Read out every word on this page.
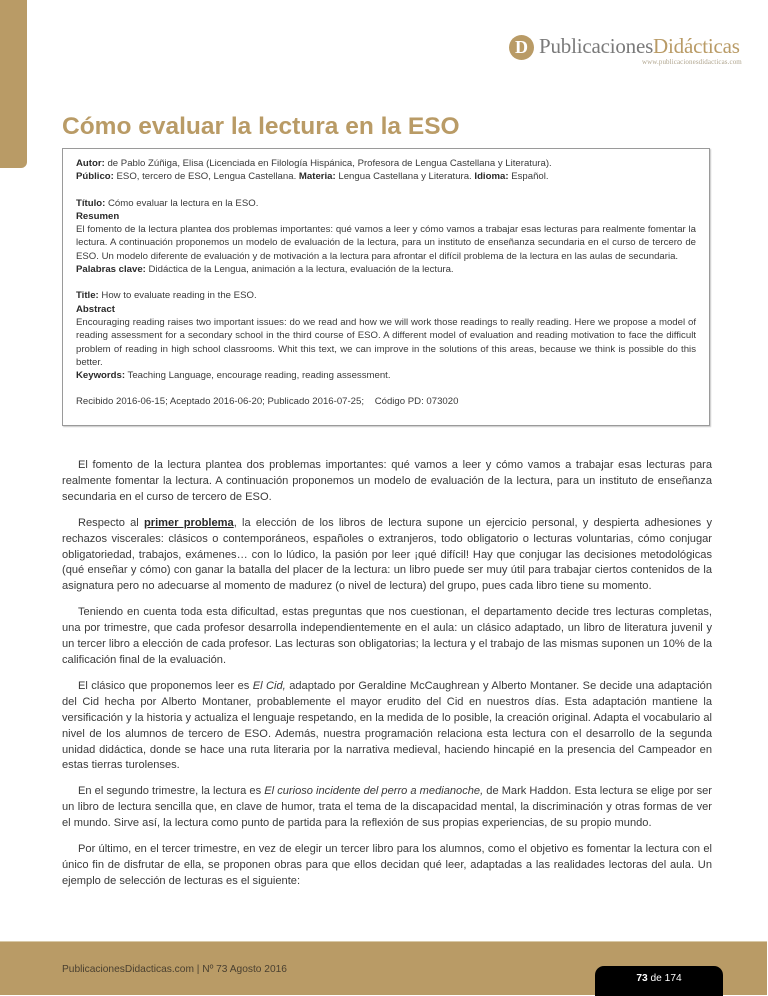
D PublicacionesDidácticas
www.publicacionesdidacticas.com
Cómo evaluar la lectura en la ESO

Autor: de Pablo Zúñiga, Elisa (Licenciada en Filología Hispánica, Profesora de Lengua Castellana y Literatura).

Público: ESO, tercero de ESO, Lengua Castellana. Materia: Lengua Castellana y Literatura. Idioma: Español.

Título: Cómo evaluar la lectura en la ESO.

Resumen

El fomento de la lectura plantea dos problemas importantes: qué vamos a leer y cómo vamos a trabajar esas lecturas para realmente fomentar la lectura. A continuación proponemos un modelo de evaluación de la lectura, para un instituto de enseñanza secundaria en el curso de tercero de ESO. Un modelo diferente de evaluación y de motivación a la lectura para afrontar el difícil problema de la lectura en las aulas de secundaria.

Palabras clave: Didáctica de la Lengua, animación a la lectura, evaluación de la lectura.

Title: How to evaluate reading in the ESO.

Abstract

Encouraging reading raises two important issues: do we read and how we will work those readings to really reading. Here we propose a model of reading assessment for a secondary school in the third course of ESO. A different model of evaluation and reading motivation to face the difficult problem of reading in high school classrooms. Whit this text, we can improve in the solutions of this areas, because we think is possible do this better.

Keywords: Teaching Language, encourage reading, reading assessment.

Recibido 2016-06-15; Aceptado 2016-06-20; Publicado 2016-07-25; Código PD: 073020

El fomento de la lectura plantea dos problemas importantes: qué vamos a leer y cómo vamos a trabajar esas lecturas para realmente fomentar la lectura. A continuación proponemos un modelo de evaluación de la lectura, para un instituto de enseñanza secundaria en el curso de tercero de ESO.

Respecto al primer problema, la elección de los libros de lectura supone un ejercicio personal, y despierta adhesiones y rechazos viscerales: clásicos o contemporáneos, españoles o extranjeros, todo obligatorio o lecturas voluntarias, cómo conjugar obligatoriedad, trabajos, exámenes… con lo lúdico, la pasión por leer ¡qué difícil! Hay que conjugar las decisiones metodológicas (qué enseñar y cómo) con ganar la batalla del placer de la lectura: un libro puede ser muy útil para trabajar ciertos contenidos de la asignatura pero no adecuarse al momento de madurez (o nivel de lectura) del grupo, pues cada libro tiene su momento.

Teniendo en cuenta toda esta dificultad, estas preguntas que nos cuestionan, el departamento decide tres lecturas completas, una por trimestre, que cada profesor desarrolla independientemente en el aula: un clásico adaptado, un libro de literatura juvenil y un tercer libro a elección de cada profesor. Las lecturas son obligatorias; la lectura y el trabajo de las mismas suponen un 10% de la calificación final de la evaluación.

El clásico que proponemos leer es El Cid, adaptado por Geraldine McCaughrean y Alberto Montaner. Se decide una adaptación del Cid hecha por Alberto Montaner, probablemente el mayor erudito del Cid en nuestros días. Esta adaptación mantiene la versificación y la historia y actualiza el lenguaje respetando, en la medida de lo posible, la creación original. Adapta el vocabulario al nivel de los alumnos de tercero de ESO. Además, nuestra programación relaciona esta lectura con el desarrollo de la segunda unidad didáctica, donde se hace una ruta literaria por la narrativa medieval, haciendo hincapié en la presencia del Campeador en estas tierras turolenses.

En el segundo trimestre, la lectura es El curioso incidente del perro a medianoche, de Mark Haddon. Esta lectura se elige por ser un libro de lectura sencilla que, en clave de humor, trata el tema de la discapacidad mental, la discriminación y otras formas de ver el mundo. Sirve así, la lectura como punto de partida para la reflexión de sus propias experiencias, de su propio mundo.

Por último, en el tercer trimestre, en vez de elegir un tercer libro para los alumnos, como el objetivo es fomentar la lectura con el único fin de disfrutar de ella, se proponen obras para que ellos decidan qué leer, adaptadas a las realidades lectoras del aula. Un ejemplo de selección de lecturas es el siguiente:

PublicacionesDidacticas.com | Nº 73 Agosto 2016
73 de 174
